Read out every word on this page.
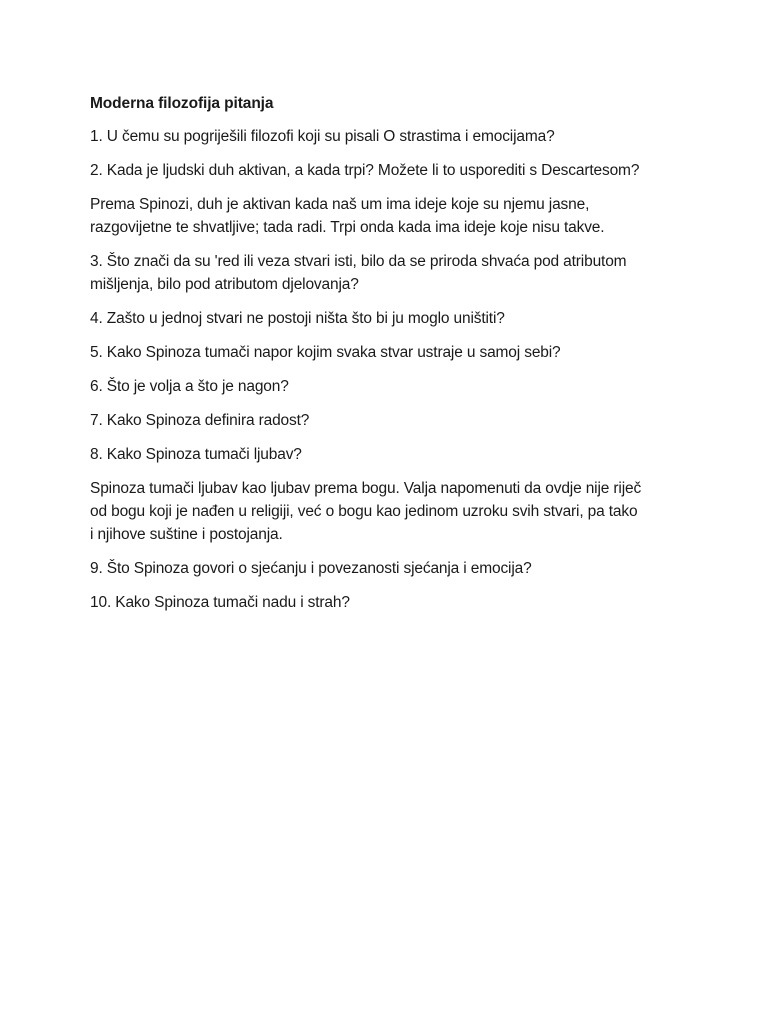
Moderna filozofija pitanja
1. U čemu su pogriješili filozofi koji su pisali O strastima i emocijama?
2. Kada je ljudski duh aktivan, a kada trpi? Možete li to usporediti s Descartesom?
Prema Spinozi, duh je aktivan kada naš um ima ideje koje su njemu jasne,
razgovijetne te shvatljive; tada radi. Trpi onda kada ima ideje koje nisu takve.
3. Što znači da su 'red ili veza stvari isti, bilo da se priroda shvaća pod atributom
mišljenja, bilo pod atributom djelovanja?
4. Zašto u jednoj stvari ne postoji ništa što bi ju moglo uništiti?
5. Kako Spinoza tumači napor kojim svaka stvar ustraje u samoj sebi?
6. Što je volja a što je nagon?
7. Kako Spinoza definira radost?
8. Kako Spinoza tumači ljubav?
Spinoza tumači ljubav kao ljubav prema bogu. Valja napomenuti da ovdje nije riječ
od bogu koji je nađen u religiji, već o bogu kao jedinom uzroku svih stvari, pa tako
i njihove suštine i postojanja.
9. Što Spinoza govori o sjećanju i povezanosti sjećanja i emocija?
10. Kako Spinoza tumači nadu i strah?
